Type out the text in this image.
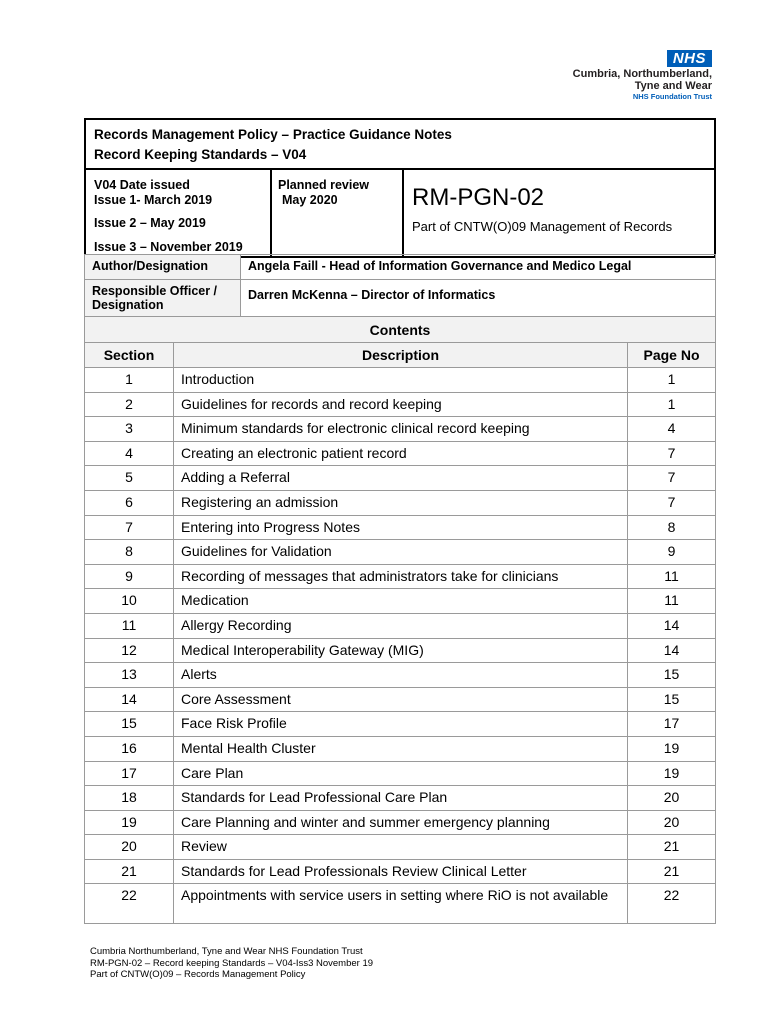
NHS
Cumbria, Northumberland,
Tyne and Wear
NHS Foundation Trust
Records Management Policy – Practice Guidance Notes
Record Keeping Standards – V04
V04 Date issued
Issue 1- March 2019
Issue 2 – May 2019
Issue 3 – November 2019
Planned review
May 2020	RM-PGN-02
Part of CNTW(O)09 Management of Records
Author/Designation	Angela Faill - Head of Information Governance and Medico Legal
Responsible Officer / Designation	Darren McKenna – Director of Informatics
Contents		
Section	Description	Page No
1	Introduction	1
2	Guidelines for records and record keeping	1
3	Minimum standards for electronic clinical record keeping	4
4	Creating an electronic patient record	7
5	Adding a Referral	7
6	Registering an admission	7
7	Entering into Progress Notes	8
8	Guidelines for Validation	9
9	Recording of messages that administrators take for clinicians	11
10	Medication	11
11	Allergy Recording	14
12	Medical Interoperability Gateway (MIG)	14
13	Alerts	15
14	Core Assessment	15
15	Face Risk Profile	17
16	Mental Health Cluster	19
17	Care Plan	19
18	Standards for Lead Professional Care Plan	20
19	Care Planning and winter and summer emergency planning	20
20	Review	21
21	Standards for Lead Professionals Review Clinical Letter	21
22	Appointments with service users in setting where RiO is not available	22
Cumbria Northumberland, Tyne and Wear NHS Foundation Trust
RM-PGN-02 – Record keeping Standards – V04-Iss3 November 19
Part of CNTW(O)09 – Records Management Policy
